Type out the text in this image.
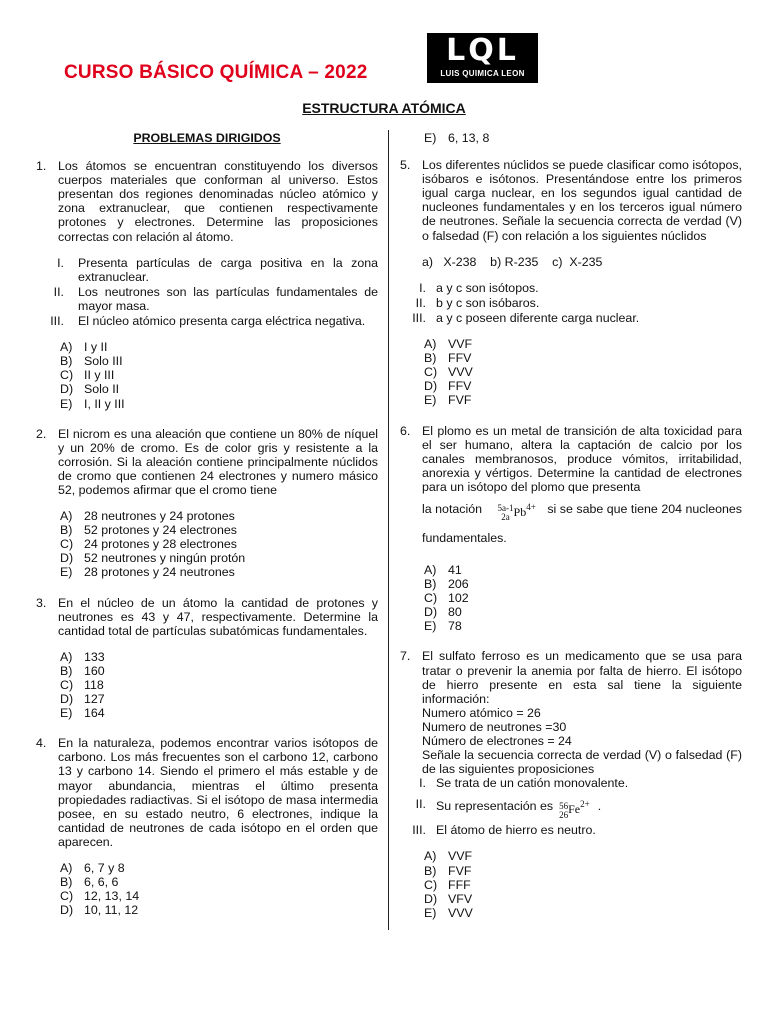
CURSO BÁSICO QUÍMICA – 2022
LQL
LUIS QUIMICA LEON
ESTRUCTURA ATÓMICA
PROBLEMAS DIRIGIDOS
1. Los átomos se encuentran constituyendo los diversos cuerpos materiales que conforman al universo. Estos presentan dos regiones denominadas núcleo atómico y zona extranuclear, que contienen respectivamente protones y electrones. Determine las proposiciones correctas con relación al átomo.
I.	Presenta partículas de carga positiva en la zona extranuclear.
II.	Los neutrones son las partículas fundamentales de mayor masa.
III.	El núcleo atómico presenta carga eléctrica negativa.
A) I y II
B) Solo III
C) II y III
D) Solo II
E) I, II y III
2. El nicrom es una aleación que contiene un 80% de níquel y un 20% de cromo. Es de color gris y resistente a la corrosión. Si la aleación contiene principalmente núclidos de cromo que contienen 24 electrones y numero másico 52, podemos afirmar que el cromo tiene
A) 28 neutrones y 24 protones
B) 52 protones y 24 electrones
C) 24 protones y 28 electrones
D) 52 neutrones y ningún protón
E) 28 protones y 24 neutrones
3. En el núcleo de un átomo la cantidad de protones y neutrones es 43 y 47, respectivamente. Determine la cantidad total de partículas subatómicas fundamentales.
A) 133
B) 160
C) 118
D) 127
E) 164
4. En la naturaleza, podemos encontrar varios isótopos de carbono. Los más frecuentes son el carbono 12, carbono 13 y carbono 14. Siendo el primero el más estable y de mayor abundancia, mientras el último presenta propiedades radiactivas. Si el isótopo de masa intermedia posee, en su estado neutro, 6 electrones, indique la cantidad de neutrones de cada isótopo en el orden que aparecen.
A) 6, 7 y 8
B) 6, 6, 6
C) 12, 13, 14
D) 10, 11, 12
E) 6, 13, 8
5. Los diferentes núclidos se puede clasificar como isótopos, isóbaros e isótonos. Presentándose entre los primeros igual carga nuclear, en los segundos igual cantidad de nucleones fundamentales y en los terceros igual número de neutrones. Señale la secuencia correcta de verdad (V) o falsedad (F) con relación a los siguientes núclidos
a)   X-238    b) R-235    c)  X-235
I. a y c son isótopos.
II. b y c son isóbaros.
III. a y c poseen diferente carga nuclear.
A) VVF
B) FFV
C) VVV
D) FFV
E) FVF
6. El plomo es un metal de transición de alta toxicidad para el ser humano, altera la captación de calcio por los canales membranosos, produce vómitos, irritabilidad, anorexia y vértigos. Determine la cantidad de electrones para un isótopo del plomo que presenta
la notación 5a-1
2a $Pb^{4+}$ si se sabe que tiene 204 nucleones fundamentales.
A) 41
B) 206
C) 102
D) 80
E) 78
7. El sulfato ferroso es un medicamento que se usa para tratar o prevenir la anemia por falta de hierro. El isótopo de hierro presente en esta sal tiene la siguiente información:
Numero atómico = 26
Numero de neutrones =30
Número de electrones = 24
Señale la secuencia correcta de verdad (V) o falsedad (F) de las siguientes proposiciones
I. Se trata de un catión monovalente.
II. Su representación es 56
26 $Fe^{2+}$ .
III. El átomo de hierro es neutro.
A) VVF
B) FVF
C) FFF
D) VFV
E) VVV
